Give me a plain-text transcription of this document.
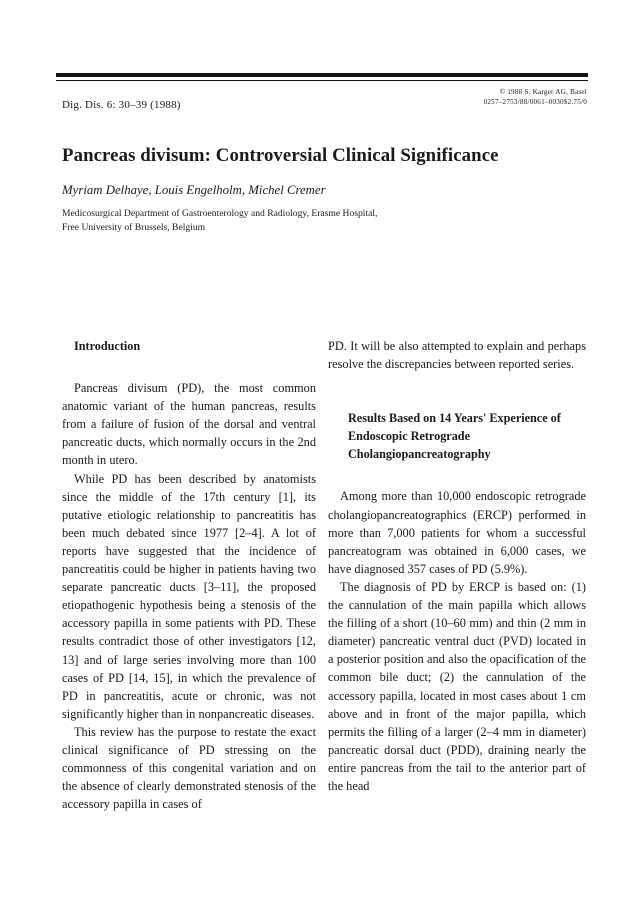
Dig. Dis. 6: 30–39 (1988)
© 1988 S. Karger AG, Basel
0257–2753/88/0061–0030$2.75/0
Pancreas divisum: Controversial Clinical Significance
Myriam Delhaye, Louis Engelholm, Michel Cremer
Medicosurgical Department of Gastroenterology and Radiology, Erasme Hospital,
Free University of Brussels, Belgium
Introduction

Pancreas divisum (PD), the most common anatomic variant of the human pancreas, results from a failure of fusion of the dorsal and ventral pancreatic ducts, which normally occurs in the 2nd month in utero.

While PD has been described by anatomists since the middle of the 17th century [1], its putative etiologic relationship to pancreatitis has been much debated since 1977 [2–4]. A lot of reports have suggested that the incidence of pancreatitis could be higher in patients having two separate pancreatic ducts [3–11], the proposed etiopathogenic hypothesis being a stenosis of the accessory papilla in some patients with PD. These results contradict those of other investigators [12, 13] and of large series involving more than 100 cases of PD [14, 15], in which the prevalence of PD in pancreatitis, acute or chronic, was not significantly higher than in nonpancreatic diseases.

This review has the purpose to restate the exact clinical significance of PD stressing on the commonness of this congenital variation and on the absence of clearly demonstrated stenosis of the accessory papilla in cases of

PD. It will be also attempted to explain and perhaps resolve the discrepancies between reported series.

Results Based on 14 Years' Experience of Endoscopic Retrograde Cholangiopancreatography

Among more than 10,000 endoscopic retrograde cholangiopancreatographics (ERCP) performed in more than 7,000 patients for whom a successful pancreatogram was obtained in 6,000 cases, we have diagnosed 357 cases of PD (5.9%).

The diagnosis of PD by ERCP is based on: (1) the cannulation of the main papilla which allows the filling of a short (10–60 mm) and thin (2 mm in diameter) pancreatic ventral duct (PVD) located in a posterior position and also the opacification of the common bile duct; (2) the cannulation of the accessory papilla, located in most cases about 1 cm above and in front of the major papilla, which permits the filling of a larger (2–4 mm in diameter) pancreatic dorsal duct (PDD), draining nearly the entire pancreas from the tail to the anterior part of the head
